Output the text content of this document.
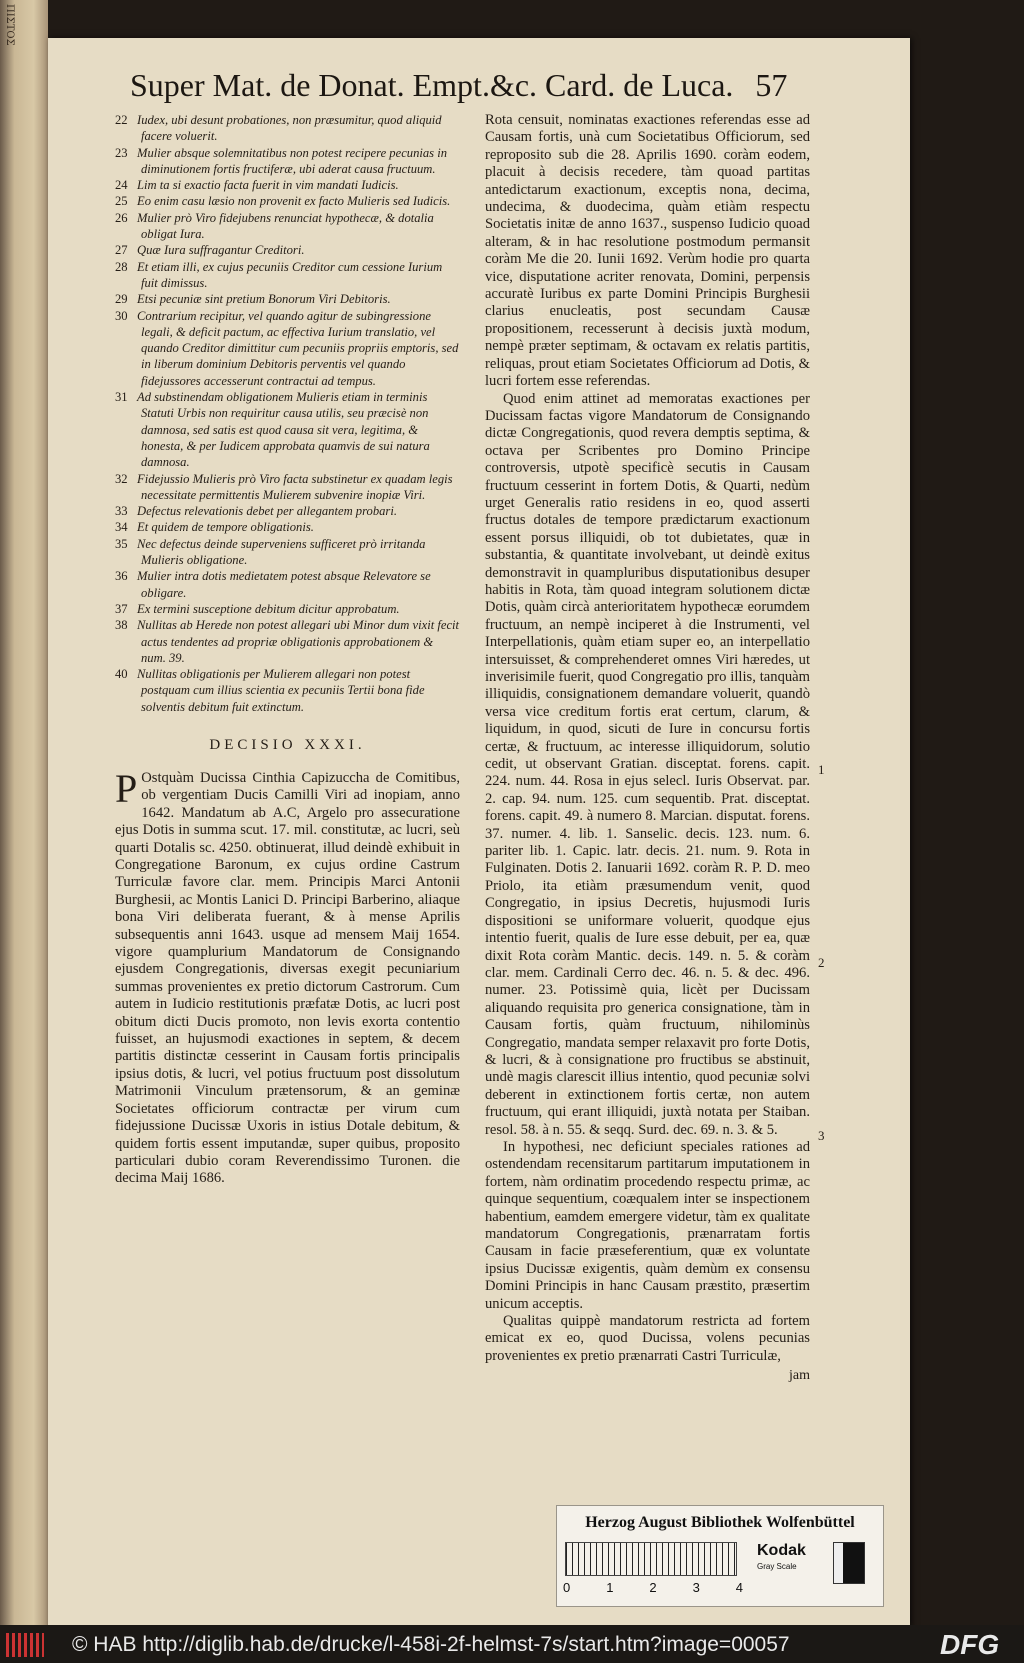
ΠΙΣΤΟΣ
Super Mat. de Donat. Empt.&c. Card. de Luca. 57

22 Iudex, ubi desunt probationes, non præsumitur, quod aliquid facere voluerit.

23 Mulier absque solemnitatibus non potest recipere pecunias in diminutionem fortis fructiferæ, ubi aderat causa fructuum.

24 Lim ta si exactio facta fuerit in vim mandati Iudicis.

25 Eo enim casu læsio non provenit ex facto Mulieris sed Iudicis.

26 Mulier prò Viro fidejubens renunciat hypothecæ, & dotalia obligat Iura.

27 Quæ Iura suffragantur Creditori.

28 Et etiam illi, ex cujus pecuniis Creditor cum cessione Iurium fuit dimissus.

29 Etsi pecuniæ sint pretium Bonorum Viri Debitoris.

30 Contrarium recipitur, vel quando agitur de subingressione legali, & deficit pactum, ac effectiva Iurium translatio, vel quando Creditor dimittitur cum pecuniis propriis emptoris, sed in liberum dominium Debitoris perventis vel quando fidejussores accesserunt contractui ad tempus.

31 Ad substinendam obligationem Mulieris etiam in terminis Statuti Urbis non requiritur causa utilis, seu præcisè non damnosa, sed satis est quod causa sit vera, legitima, & honesta, & per Iudicem approbata quamvis de sui natura damnosa.

32 Fidejussio Mulieris prò Viro facta substinetur ex quadam legis necessitate permittentis Mulierem subvenire inopiæ Viri.

33 Defectus relevationis debet per allegantem probari.

34 Et quidem de tempore obligationis.

35 Nec defectus deinde superveniens sufficeret prò irritanda Mulieris obligatione.

36 Mulier intra dotis medietatem potest absque Relevatore se obligare.

37 Ex termini susceptione debitum dicitur approbatum.

38 Nullitas ab Herede non potest allegari ubi Minor dum vixit fecit actus tendentes ad propriæ obligationis approbationem & num. 39.

40 Nullitas obligationis per Mulierem allegari non potest postquam cum illius scientia ex pecuniis Tertii bona fide solventis debitum fuit extinctum.

DECISIO XXXI.
P Ostquàm Ducissa Cinthia Capizuccha de Comitibus, ob vergentiam Ducis Camilli Viri ad inopiam, anno 1642. Mandatum ab A.C, Argelo pro assecuratione ejus Dotis in summa scut. 17. mil. constitutæ, ac lucri, seù quarti Dotalis sc. 4250. obtinuerat, illud deindè exhibuit in Congregatione Baronum, ex cujus ordine Castrum Turriculæ favore clar. mem. Principis Marci Antonii Burghesii, ac Montis Lanici D. Principi Barberino, aliaque bona Viri deliberata fuerant, & à mense Aprilis subsequentis anni 1643. usque ad mensem Maij 1654. vigore quamplurium Mandatorum de Consignando ejusdem Congregationis, diversas exegit pecuniarium summas provenientes ex pretio dictorum Castrorum. Cum autem in Iudicio restitutionis præfatæ Dotis, ac lucri post obitum dicti Ducis promoto, non levis exorta contentio fuisset, an hujusmodi exactiones in septem, & decem partitis distinctæ cesserint in Causam fortis principalis ipsius dotis, & lucri, vel potius fructuum post dissolutum Matrimonii Vinculum prætensorum, & an geminæ Societates officiorum contractæ per virum cum fidejussione Ducissæ Uxoris in istius Dotale debitum, & quidem fortis essent imputandæ, super quibus, proposito particulari dubio coram Reverendissimo Turonen. die decima Maij 1686.

Rota censuit, nominatas exactiones referendas esse ad Causam fortis, unà cum Societatibus Officiorum, sed reproposito sub die 28. Aprilis 1690. coràm eodem, placuit à decisis recedere, tàm quoad partitas antedictarum exactionum, exceptis nona, decima, undecima, & duodecima, quàm etiàm respectu Societatis initæ de anno 1637., suspenso Iudicio quoad alteram, & in hac resolutione postmodum permansit coràm Me die 20. Iunii 1692. Verùm hodie pro quarta vice, disputatione acriter renovata, Domini, perpensis accuratè Iuribus ex parte Domini Principis Burghesii clarius enucleatis, post secundam Causæ propositionem, recesserunt à decisis juxtà modum, nempè præter septimam, & octavam ex relatis partitis, reliquas, prout etiam Societates Officiorum ad Dotis, & lucri fortem esse referendas.

Quod enim attinet ad memoratas exactiones per Ducissam factas vigore Mandatorum de Consignando dictæ Congregationis, quod revera demptis septima, & octava per Scribentes pro Domino Principe controversis, utpotè specificè secutis in Causam fructuum cesserint in fortem Dotis, & Quarti, nedùm urget Generalis ratio residens in eo, quod asserti fructus dotales de tempore prædictarum exactionum essent porsus illiquidi, ob tot dubietates, quæ in substantia, & quantitate involvebant, ut deindè exitus demonstravit in quampluribus disputationibus desuper habitis in Rota, tàm quoad integram solutionem dictæ Dotis, quàm circà anterioritatem hypothecæ eorumdem fructuum, an nempè inciperet à die Instrumenti, vel Interpellationis, quàm etiam super eo, an interpellatio intersuisset, & comprehenderet omnes Viri hæredes, ut inverisimile fuerit, quod Congregatio pro illis, tanquàm illiquidis, consignationem demandare voluerit, quandò versa vice creditum fortis erat certum, clarum, & liquidum, in quod, sicuti de Iure in concursu fortis certæ, & fructuum, ac interesse illiquidorum, solutio cedit, ut observant Gratian. disceptat. forens. capit. 224. num. 44. Rosa in ejus selecl. Iuris Observat. par. 2. cap. 94. num. 125. cum sequentib. Prat. disceptat. forens. capit. 49. à numero 8. Marcian. disputat. forens. 37. numer. 4. lib. 1. Sanselic. decis. 123. num. 6. pariter lib. 1. Capic. latr. decis. 21. num. 9. Rota in Fulginaten. Dotis 2. Ianuarii 1692. coràm R. P. D. meo Priolo, ita etiàm præsumendum venit, quod Congregatio, in ipsius Decretis, hujusmodi Iuris dispositioni se uniformare voluerit, quodque ejus intentio fuerit, qualis de Iure esse debuit, per ea, quæ dixit Rota coràm Mantic. decis. 149. n. 5. & coràm clar. mem. Cardinali Cerro dec. 46. n. 5. & dec. 496. numer. 23. Potissimè quia, licèt per Ducissam aliquando requisita pro generica consignatione, tàm in Causam fortis, quàm fructuum, nihilominùs Congregatio, mandata semper relaxavit pro forte Dotis, & lucri, & à consignatione pro fructibus se abstinuit, undè magis clarescit illius intentio, quod pecuniæ solvi deberent in extinctionem fortis certæ, non autem fructuum, qui erant illiquidi, juxtà notata per Staiban. resol. 58. à n. 55. & seqq. Surd. dec. 69. n. 3. & 5.

In hypothesi, nec deficiunt speciales rationes ad ostendendam recensitarum partitarum imputationem in fortem, nàm ordinatim procedendo respectu primæ, ac quinque sequentium, coæqualem inter se inspectionem habentium, eamdem emergere videtur, tàm ex qualitate mandatorum Congregationis, prænarratam fortis Causam in facie præseferentium, quæ ex voluntate ipsius Ducissæ exigentis, quàm demùm ex consensu Domini Principis in hanc Causam præstito, præsertim unicum acceptis.

Qualitas quippè mandatorum restricta ad fortem emicat ex eo, quod Ducissa, volens pecunias provenientes ex pretio prænarrati Castri Turriculæ,

jam
1
2
3
Herzog August Bibliothek Wolfenbüttel
0	1	2	3	4
Kodak
Gray Scale
© HAB http://diglib.hab.de/drucke/l-458i-2f-helmst-7s/start.htm?image=00057	DFG
